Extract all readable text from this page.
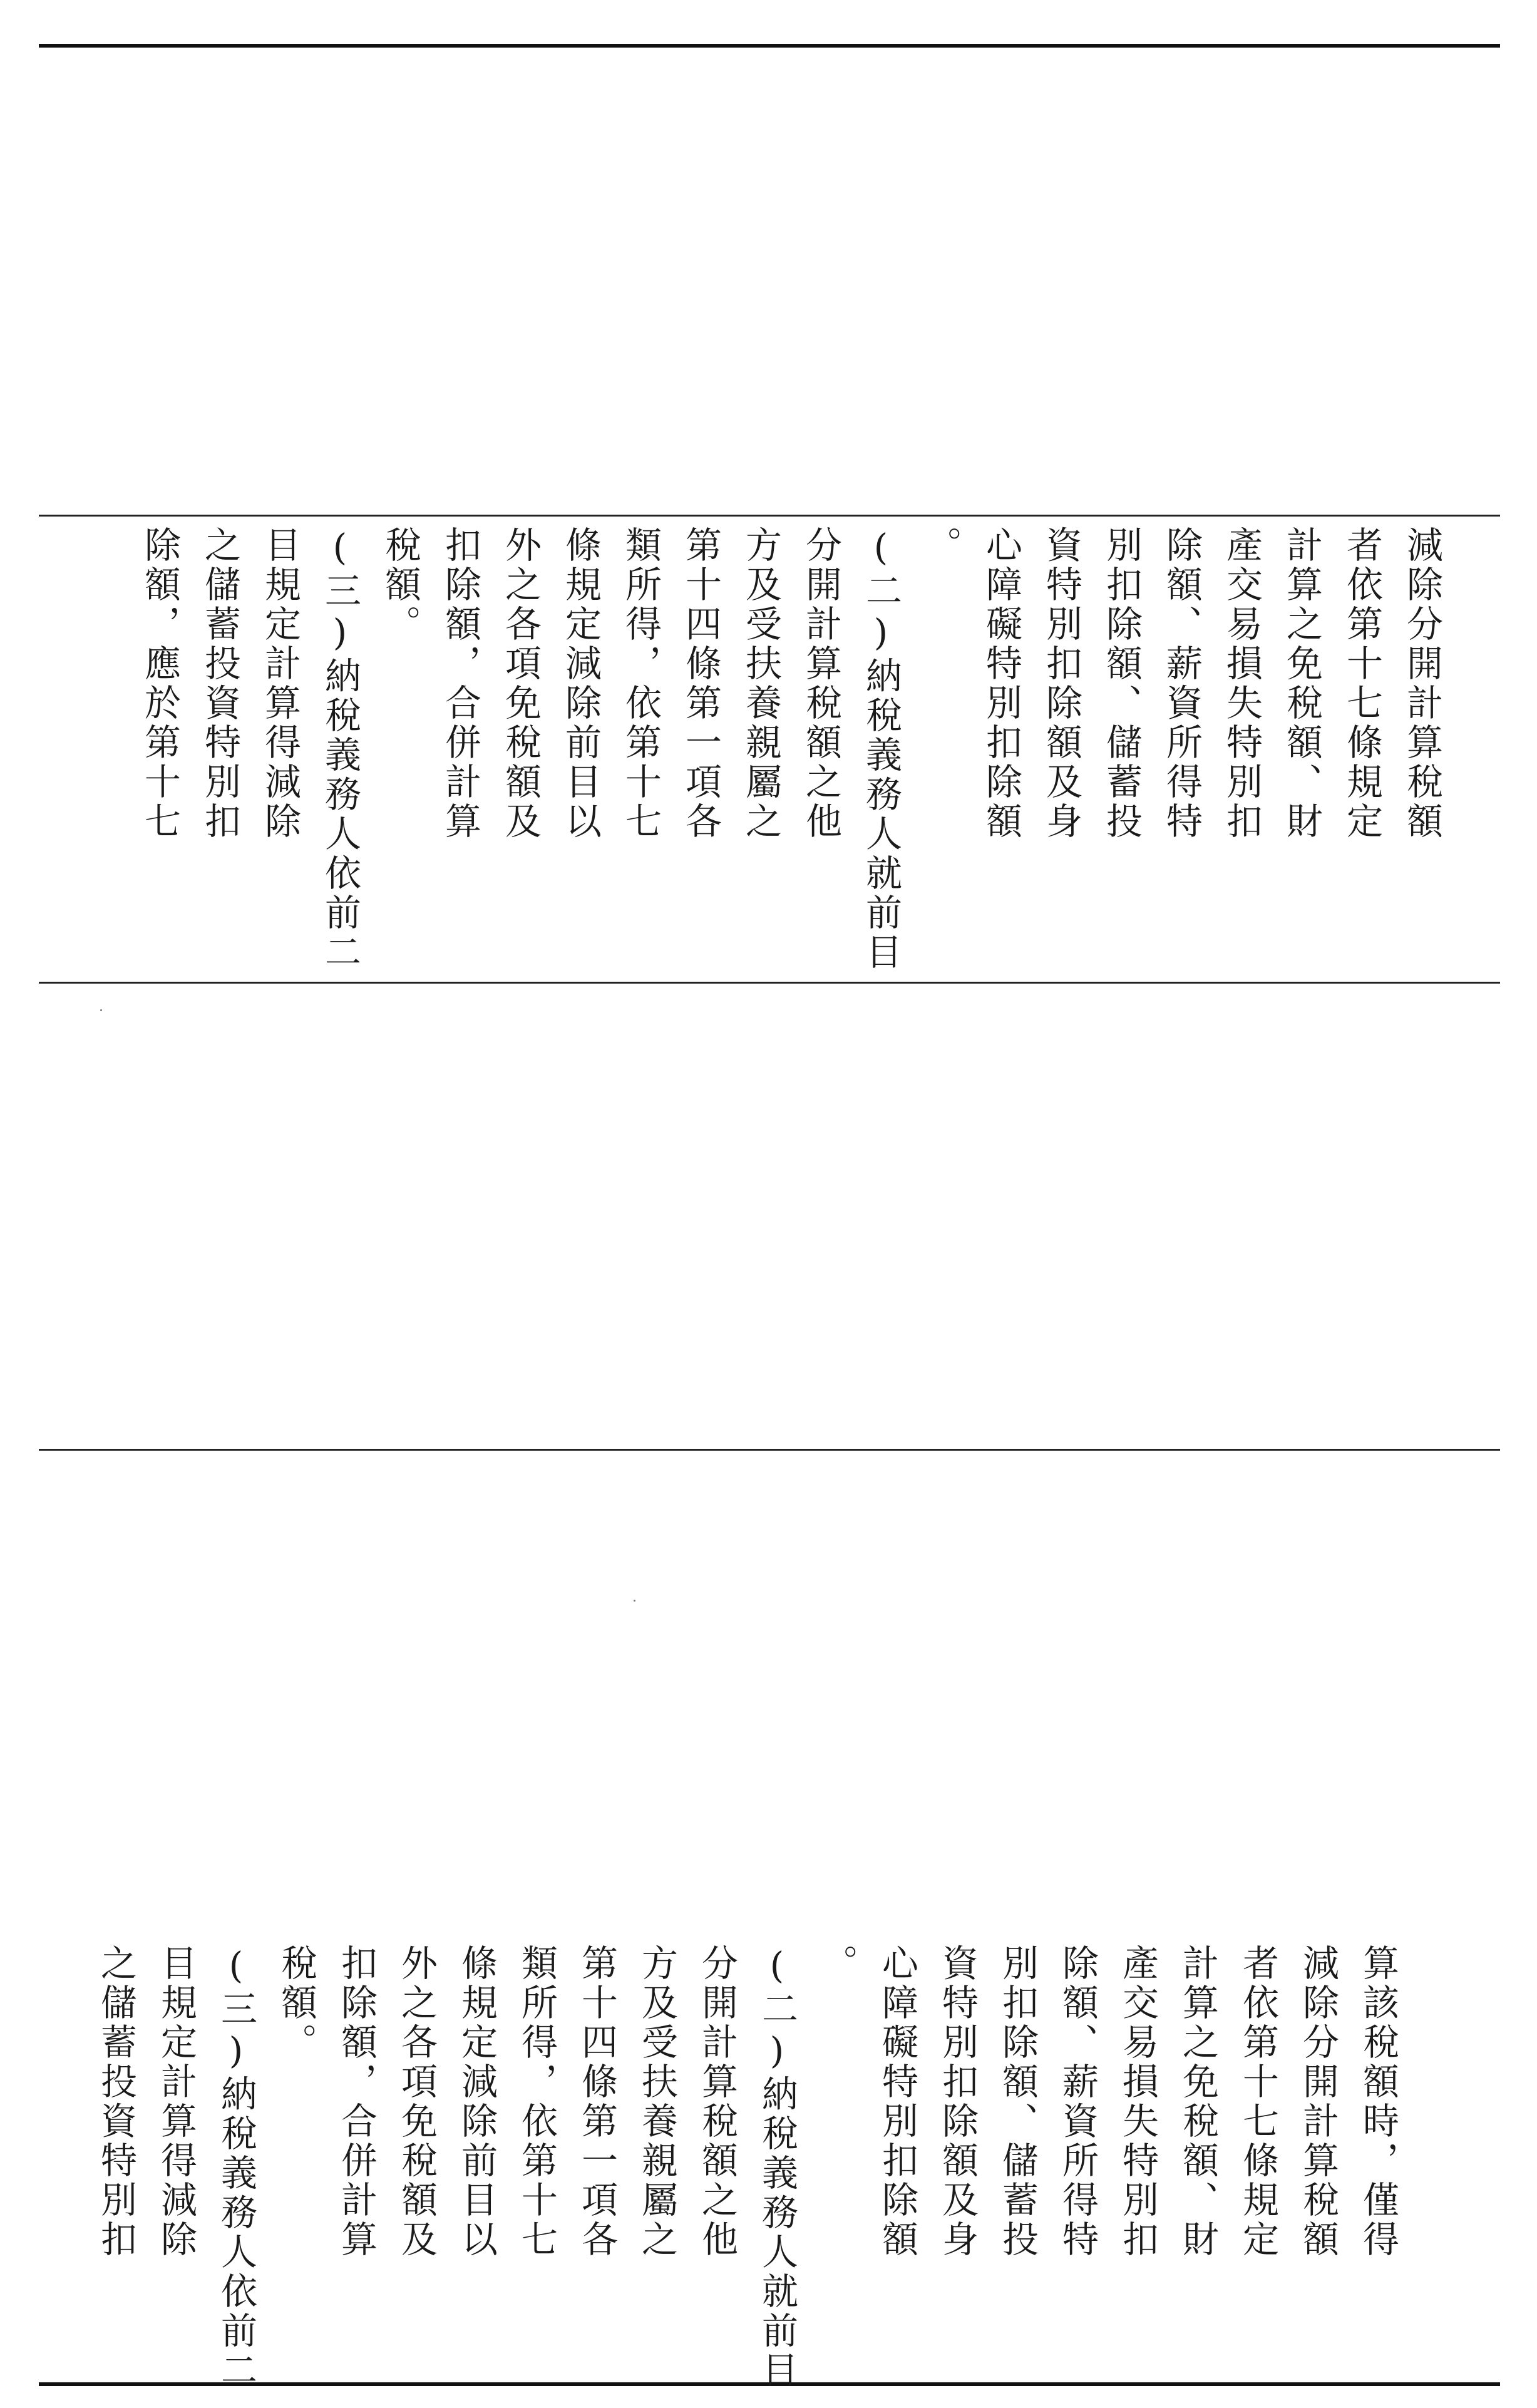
減除分開計算稅額
者依第十七條規定
計算之免稅額、財
產交易損失特別扣
除額、薪資所得特
別扣除額、儲蓄投
資特別扣除額及身
心障礙特別扣除額
。
(二)納稅義務人就前目
分開計算稅額之他
方及受扶養親屬之
第十四條第一項各
類所得，依第十七
條規定減除前目以
外之各項免稅額及
扣除額，合併計算
稅額。
(三)納稅義務人依前二
目規定計算得減除
之儲蓄投資特別扣
除額，應於第十七
算該稅額時，僅得
減除分開計算稅額
者依第十七條規定
計算之免稅額、財
產交易損失特別扣
除額、薪資所得特
別扣除額、儲蓄投
資特別扣除額及身
心障礙特別扣除額
。
(二)納稅義務人就前目
分開計算稅額之他
方及受扶養親屬之
第十四條第一項各
類所得，依第十七
條規定減除前目以
外之各項免稅額及
扣除額，合併計算
稅額。
(三)納稅義務人依前二
目規定計算得減除
之儲蓄投資特別扣
